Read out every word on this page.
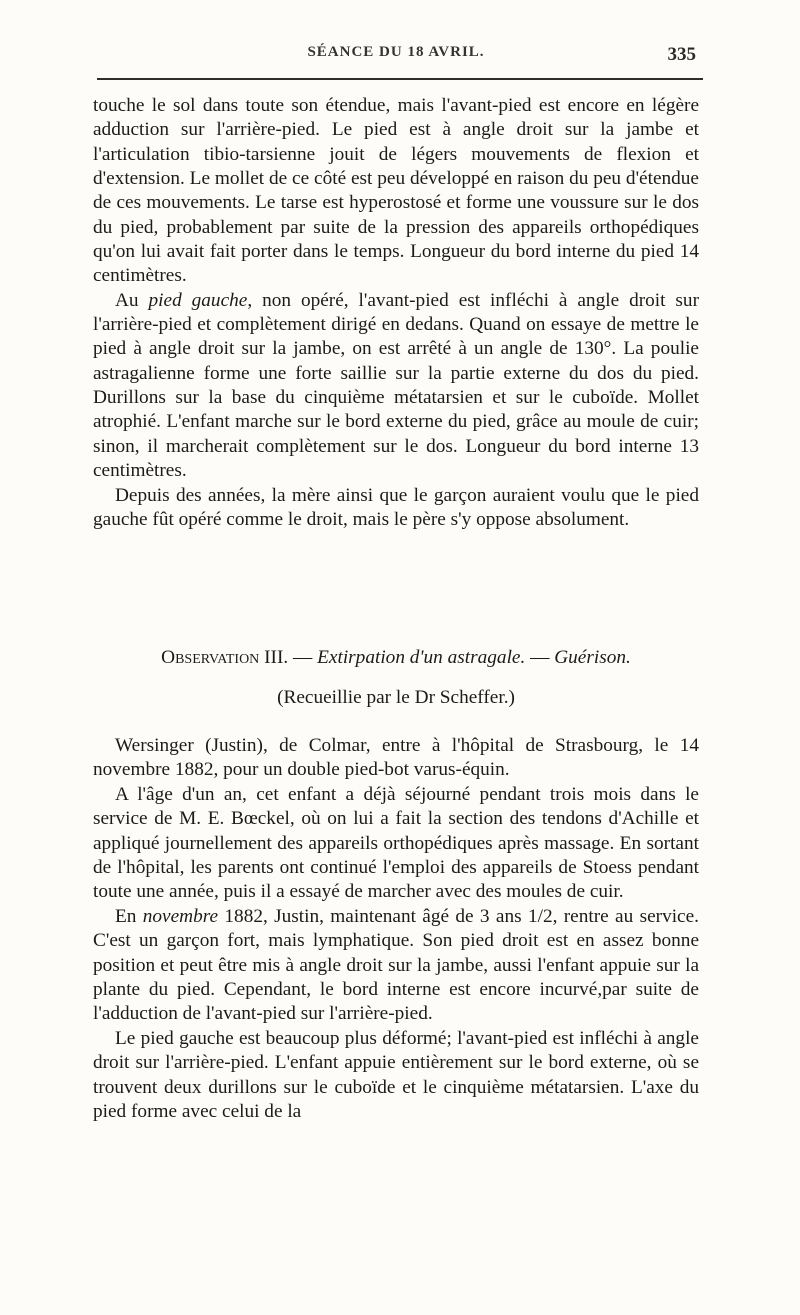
SÉANCE DU 18 AVRIL.	335

touche le sol dans toute son étendue, mais l'avant-pied est encore en légère adduction sur l'arrière-pied. Le pied est à angle droit sur la jambe et l'articulation tibio-tarsienne jouit de légers mouvements de flexion et d'extension. Le mollet de ce côté est peu développé en raison du peu d'étendue de ces mouvements. Le tarse est hyperostosé et forme une voussure sur le dos du pied, probablement par suite de la pression des appareils orthopédiques qu'on lui avait fait porter dans le temps. Longueur du bord interne du pied 14 centimètres.

Au pied gauche, non opéré, l'avant-pied est infléchi à angle droit sur l'arrière-pied et complètement dirigé en dedans. Quand on essaye de mettre le pied à angle droit sur la jambe, on est arrêté à un angle de 130°. La poulie astragalienne forme une forte saillie sur la partie externe du dos du pied. Durillons sur la base du cinquième métatarsien et sur le cuboïde. Mollet atrophié. L'enfant marche sur le bord externe du pied, grâce au moule de cuir; sinon, il marcherait complètement sur le dos. Longueur du bord interne 13 centimètres.

Depuis des années, la mère ainsi que le garçon auraient voulu que le pied gauche fût opéré comme le droit, mais le père s'y oppose absolument.

Observation III. — Extirpation d'un astragale. — Guérison.
(Recueillie par le Dr Scheffer.)

Wersinger (Justin), de Colmar, entre à l'hôpital de Strasbourg, le 14 novembre 1882, pour un double pied-bot varus-équin.

A l'âge d'un an, cet enfant a déjà séjourné pendant trois mois dans le service de M. E. Bœckel, où on lui a fait la section des tendons d'Achille et appliqué journellement des appareils orthopédiques après massage. En sortant de l'hôpital, les parents ont continué l'emploi des appareils de Stoess pendant toute une année, puis il a essayé de marcher avec des moules de cuir.

En novembre 1882, Justin, maintenant âgé de 3 ans 1/2, rentre au service. C'est un garçon fort, mais lymphatique. Son pied droit est en assez bonne position et peut être mis à angle droit sur la jambe, aussi l'enfant appuie sur la plante du pied. Cependant, le bord interne est encore incurvé,par suite de l'adduction de l'avant-pied sur l'arrière-pied.

Le pied gauche est beaucoup plus déformé; l'avant-pied est infléchi à angle droit sur l'arrière-pied. L'enfant appuie entièrement sur le bord externe, où se trouvent deux durillons sur le cuboïde et le cinquième métatarsien. L'axe du pied forme avec celui de la
